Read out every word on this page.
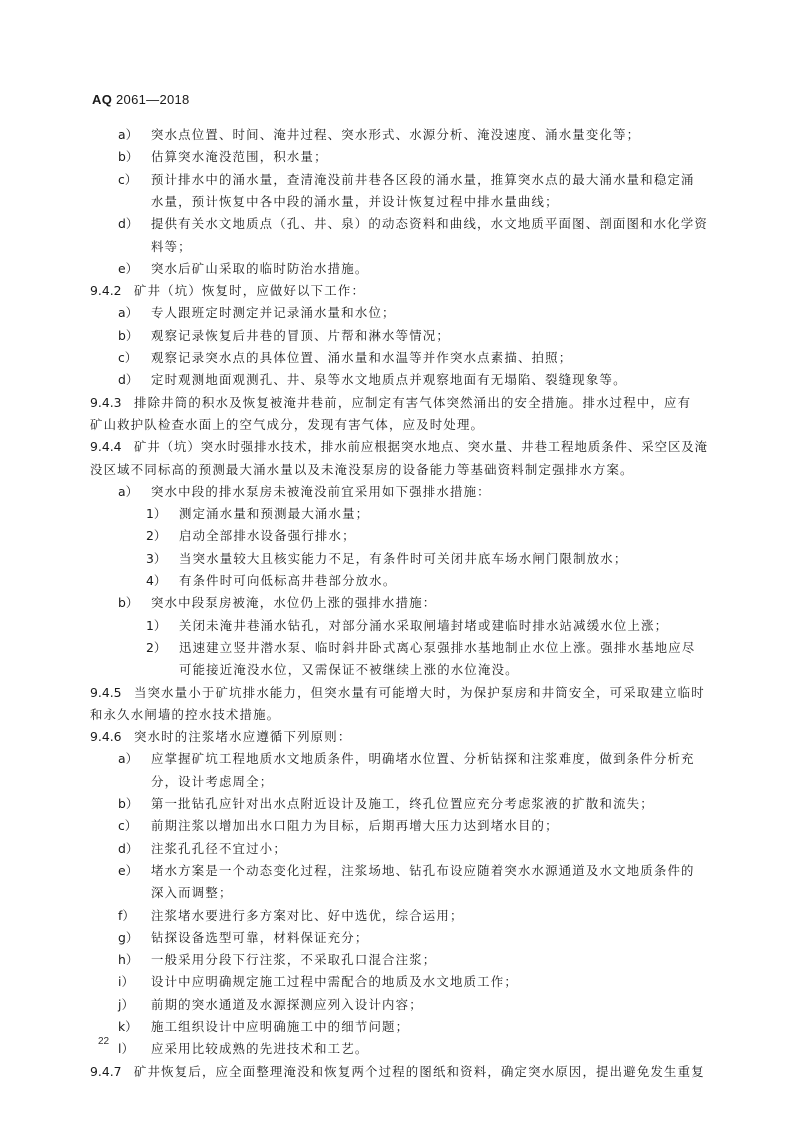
AQ 2061—2018
a） 突水点位置、时间、淹井过程、突水形式、水源分析、淹没速度、涌水量变化等；
b） 估算突水淹没范围，积水量；
c） 预计排水中的涌水量，查清淹没前井巷各区段的涌水量，推算突水点的最大涌水量和稳定涌
水量，预计恢复中各中段的涌水量，并设计恢复过程中排水量曲线；
d） 提供有关水文地质点（孔、井、泉）的动态资料和曲线，水文地质平面图、剖面图和水化学资
料等；
e） 突水后矿山采取的临时防治水措施。
9.4.2 矿井（坑）恢复时，应做好以下工作：
a） 专人跟班定时测定并记录涌水量和水位；
b） 观察记录恢复后井巷的冒顶、片帮和淋水等情况；
c） 观察记录突水点的具体位置、涌水量和水温等并作突水点素描、拍照；
d） 定时观测地面观测孔、井、泉等水文地质点并观察地面有无塌陷、裂缝现象等。
9.4.3 排除井筒的积水及恢复被淹井巷前，应制定有害气体突然涌出的安全措施。排水过程中，应有
矿山救护队检查水面上的空气成分，发现有害气体，应及时处理。
9.4.4 矿井（坑）突水时强排水技术，排水前应根据突水地点、突水量、井巷工程地质条件、采空区及淹
没区域不同标高的预测最大涌水量以及未淹没泵房的设备能力等基础资料制定强排水方案。
a） 突水中段的排水泵房未被淹没前宜采用如下强排水措施：
1） 测定涌水量和预测最大涌水量；
2） 启动全部排水设备强行排水；
3） 当突水量较大且核实能力不足，有条件时可关闭井底车场水闸门限制放水；
4） 有条件时可向低标高井巷部分放水。
b） 突水中段泵房被淹，水位仍上涨的强排水措施：
1） 关闭未淹井巷涌水钻孔，对部分涌水采取闸墙封堵或建临时排水站减缓水位上涨；
2） 迅速建立竖井潜水泵、临时斜井卧式离心泵强排水基地制止水位上涨。强排水基地应尽
可能接近淹没水位，又需保证不被继续上涨的水位淹没。
9.4.5 当突水量小于矿坑排水能力，但突水量有可能增大时，为保护泵房和井筒安全，可采取建立临时
和永久水闸墙的控水技术措施。
9.4.6 突水时的注浆堵水应遵循下列原则：
a） 应掌握矿坑工程地质水文地质条件，明确堵水位置、分析钻探和注浆难度，做到条件分析充
分，设计考虑周全；
b） 第一批钻孔应针对出水点附近设计及施工，终孔位置应充分考虑浆液的扩散和流失；
c） 前期注浆以增加出水口阻力为目标，后期再增大压力达到堵水目的；
d） 注浆孔孔径不宜过小；
e） 堵水方案是一个动态变化过程，注浆场地、钻孔布设应随着突水水源通道及水文地质条件的
深入而调整；
f） 注浆堵水要进行多方案对比、好中选优，综合运用；
g） 钻探设备选型可靠，材料保证充分；
h） 一般采用分段下行注浆，不采取孔口混合注浆；
i） 设计中应明确规定施工过程中需配合的地质及水文地质工作；
j） 前期的突水通道及水源探测应列入设计内容；
k） 施工组织设计中应明确施工中的细节问题；
l） 应采用比较成熟的先进技术和工艺。
9.4.7 矿井恢复后，应全面整理淹没和恢复两个过程的图纸和资料，确定突水原因，提出避免发生重复
22
